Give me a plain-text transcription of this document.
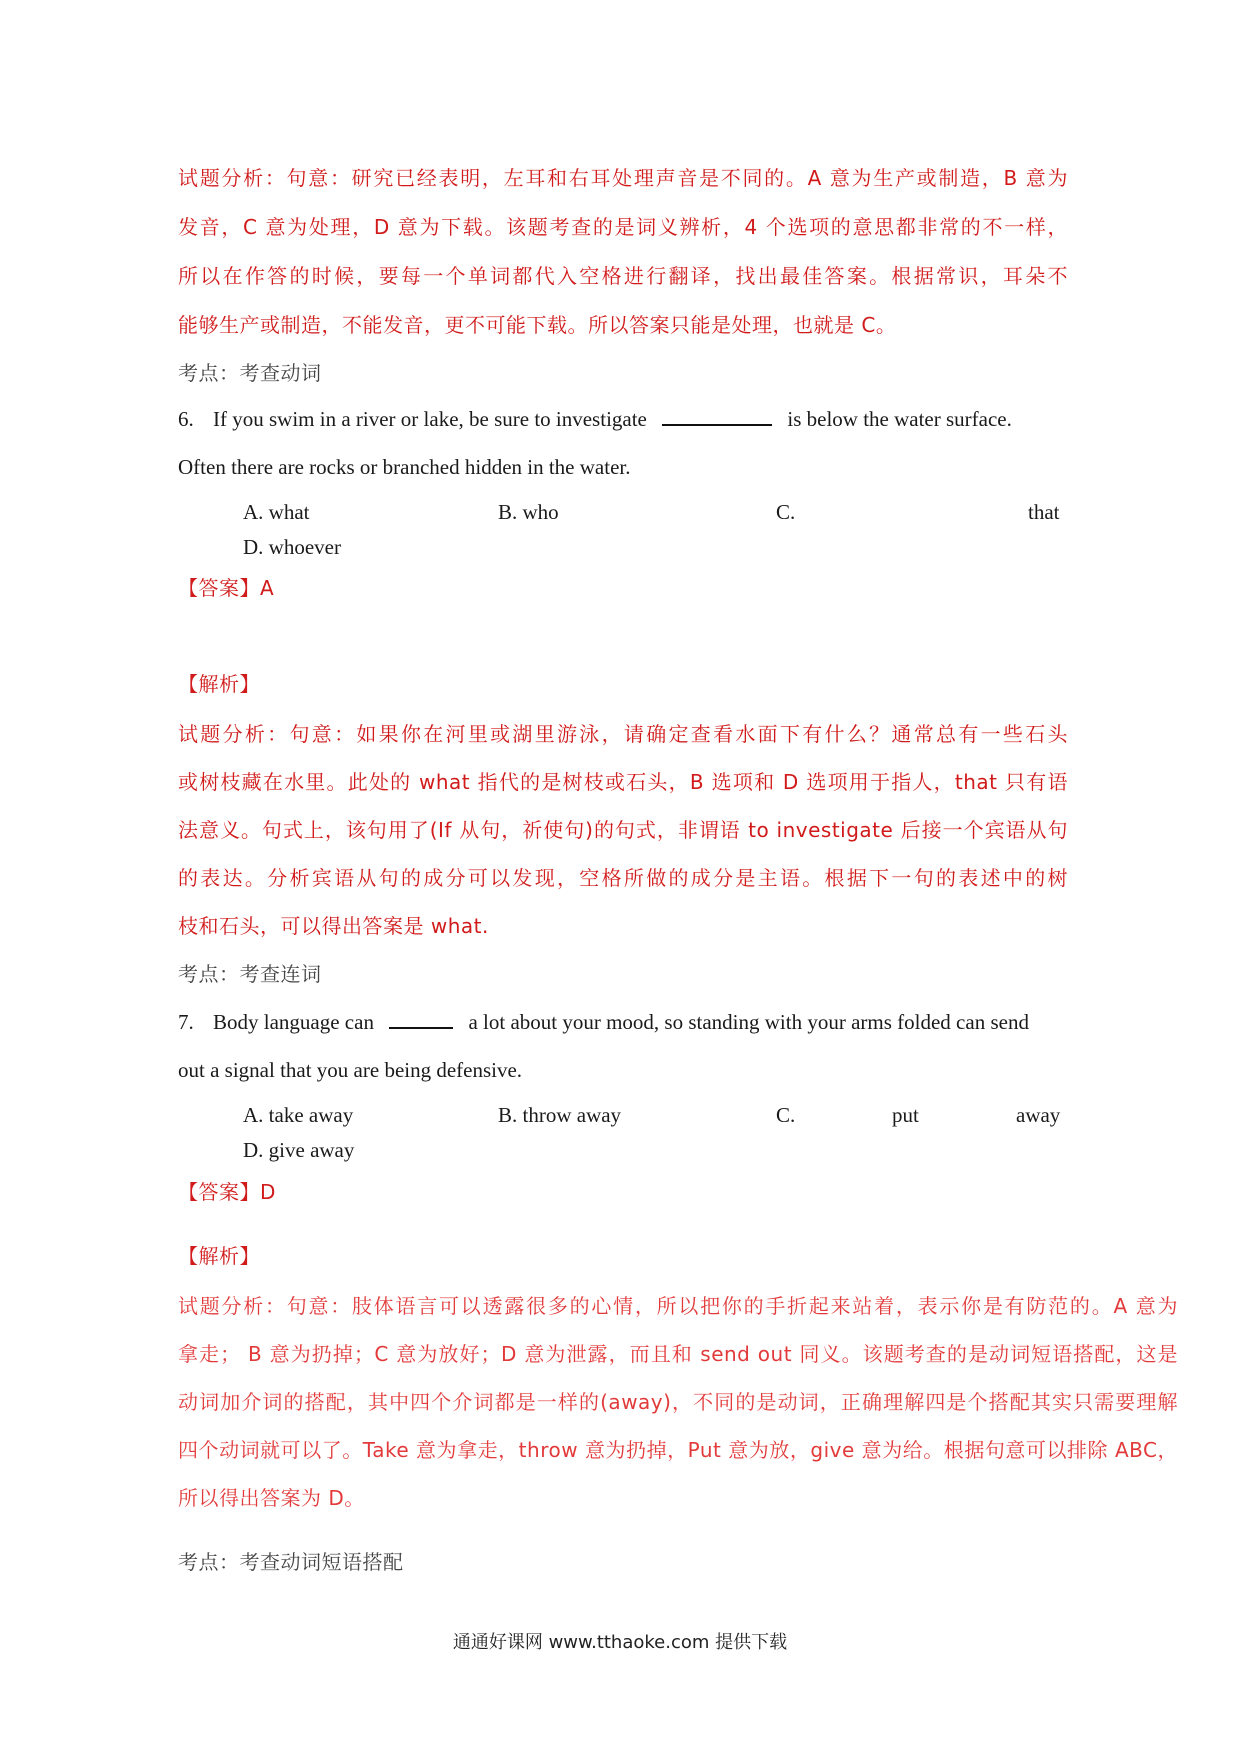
试题分析：句意：研究已经表明，左耳和右耳处理声音是不同的。A 意为生产或制造，B 意为
发音，C 意为处理，D 意为下载。该题考查的是词义辨析，4 个选项的意思都非常的不一样，
所以在作答的时候，要每一个单词都代入空格进行翻译，找出最佳答案。根据常识，耳朵不
能够生产或制造，不能发音，更不可能下载。所以答案只能是处理，也就是 C。
考点：考查动词
6. If you swim in a river or lake, be sure to investigate	is below the water surface.
Often there are rocks or branched hidden in the water.
A. what	B. who	C.	that
D. whoever
【答案】A
【解析】
试题分析：句意：如果你在河里或湖里游泳，请确定查看水面下有什么？通常总有一些石头
或树枝藏在水里。此处的 what 指代的是树枝或石头，B 选项和 D 选项用于指人，that 只有语
法意义。句式上，该句用了(If 从句，祈使句)的句式，非谓语 to investigate 后接一个宾语从句
的表达。分析宾语从句的成分可以发现，空格所做的成分是主语。根据下一句的表述中的树
枝和石头，可以得出答案是 what.
考点：考查连词
7. Body language can	a lot about your mood, so standing with your arms folded can send
out a signal that you are being defensive.
A. take away	B. throw away	C.	put	away
D. give away
【答案】D
【解析】
试题分析：句意：肢体语言可以透露很多的心情，所以把你的手折起来站着，表示你是有防范的。A 意为
拿走； B 意为扔掉；C 意为放好；D 意为泄露，而且和 send out 同义。该题考查的是动词短语搭配，这是
动词加介词的搭配，其中四个介词都是一样的(away)，不同的是动词，正确理解四是个搭配其实只需要理解
四个动词就可以了。Take 意为拿走，throw 意为扔掉，Put 意为放，give 意为给。根据句意可以排除 ABC，
所以得出答案为 D。
考点：考查动词短语搭配
通通好课网 www.tthaoke.com 提供下载
